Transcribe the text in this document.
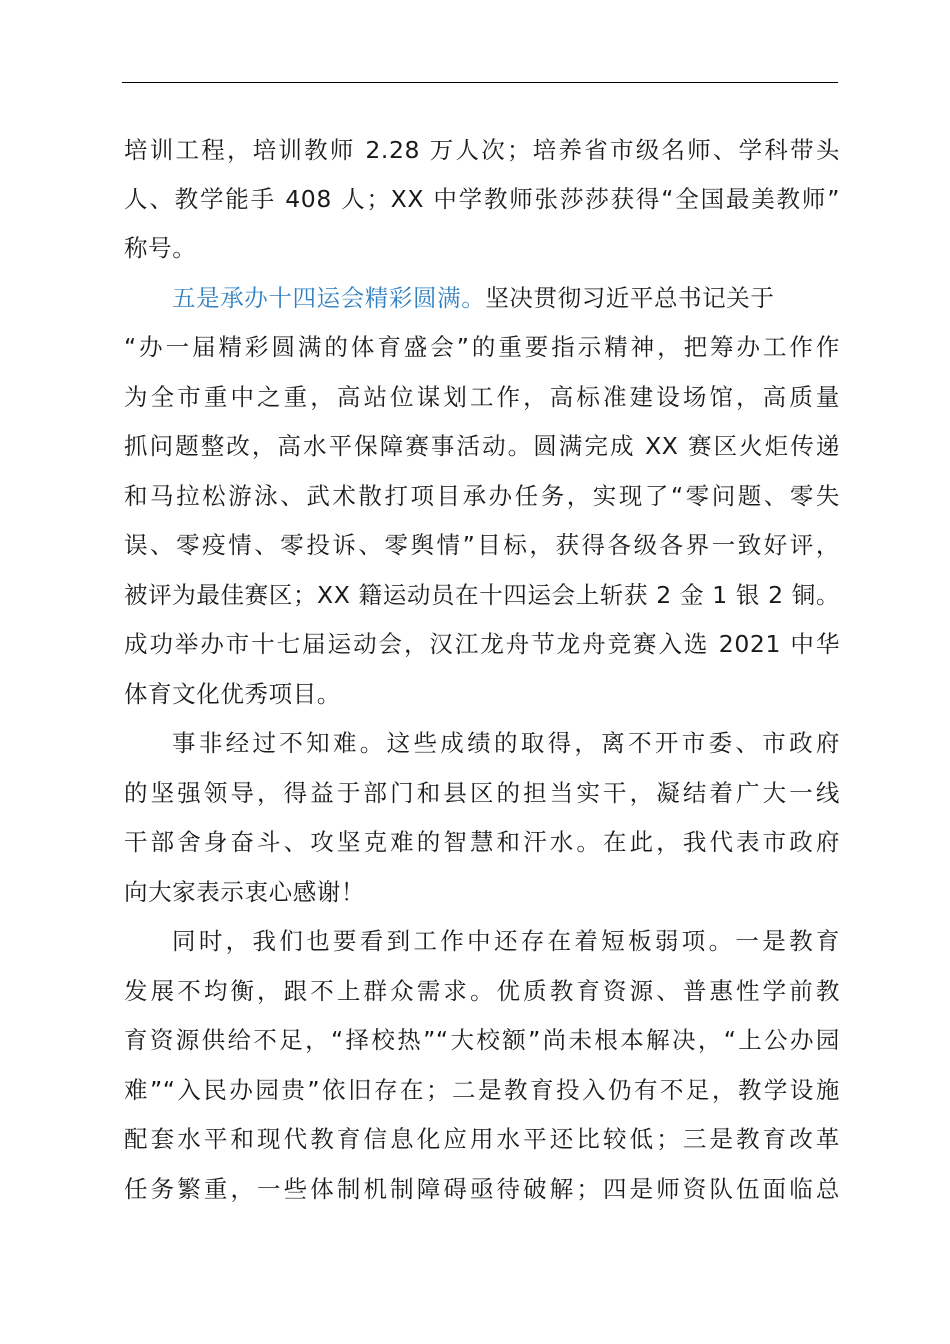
培训工程，培训教师 2.28 万人次；培养省市级名师、学科带头
人、教学能手 408 人；XX 中学教师张莎莎获得“全国最美教师”
称号。
五是承办十四运会精彩圆满。坚决贯彻习近平总书记关于
“办一届精彩圆满的体育盛会”的重要指示精神，把筹办工作作
为全市重中之重，高站位谋划工作，高标准建设场馆，高质量
抓问题整改，高水平保障赛事活动。圆满完成 XX 赛区火炬传递
和马拉松游泳、武术散打项目承办任务，实现了“零问题、零失
误、零疫情、零投诉、零舆情”目标，获得各级各界一致好评，
被评为最佳赛区；XX 籍运动员在十四运会上斩获 2 金 1 银 2 铜。
成功举办市十七届运动会，汉江龙舟节龙舟竞赛入选 2021 中华
体育文化优秀项目。
事非经过不知难。这些成绩的取得，离不开市委、市政府
的坚强领导，得益于部门和县区的担当实干，凝结着广大一线
干部舍身奋斗、攻坚克难的智慧和汗水。在此，我代表市政府
向大家表示衷心感谢！
同时，我们也要看到工作中还存在着短板弱项。一是教育
发展不均衡，跟不上群众需求。优质教育资源、普惠性学前教
育资源供给不足，“择校热”“大校额”尚未根本解决，“上公办园
难”“入民办园贵”依旧存在；二是教育投入仍有不足，教学设施
配套水平和现代教育信息化应用水平还比较低；三是教育改革
任务繁重，一些体制机制障碍亟待破解；四是师资队伍面临总
